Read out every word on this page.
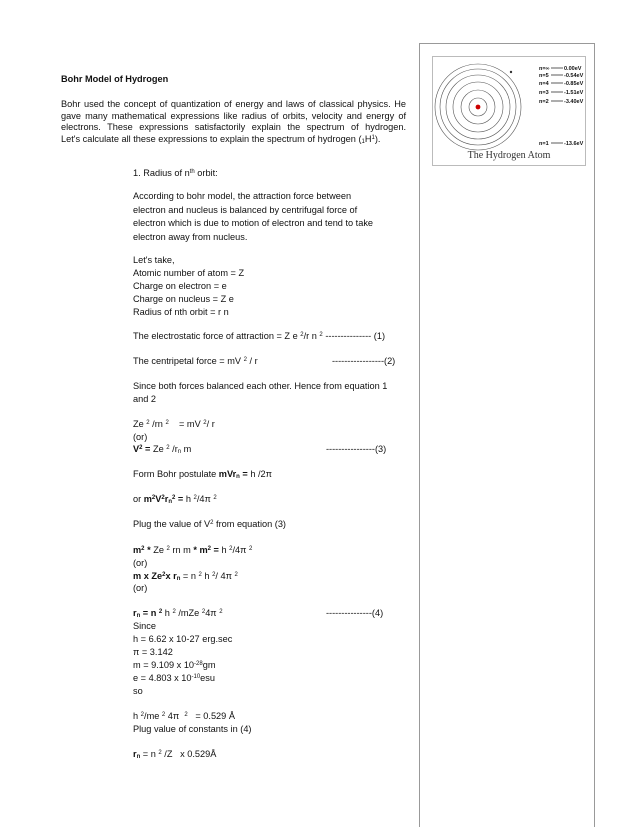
n=∞
n=5
n=4
n=3
n=2
n=1
0.00eV
-0.54eV
-0.85eV
-1.51eV
-3.40eV
-13.6eV
The Hydrogen Atom
Bohr Model of Hydrogen
Bohr used the concept of quantization of energy and laws of classical physics. He
gave many mathematical expressions like radius of orbits, velocity and energy of
electrons. These expressions satisfactorily explain the spectrum of hydrogen.
Let's calculate all these expressions to explain the spectrum of hydrogen $(_1H^1)$.
1. Radius of $n^{th}$ orbit:
According to bohr model, the attraction force between
electron and nucleus is balanced by centrifugal force of
electron which is due to motion of electron and tend to take
electron away from nucleus.
Let's take,
Atomic number of atom = Z
Charge on electron = e
Charge on nucleus = Z e
Radius of nth orbit = r n
The electrostatic force of attraction = Z e $^2$/r n $^2$ --------------- (1)
The centripetal force = mV $^2$ / r	-----------------(2)
Since both forces balanced each other. Hence from equation 1
and 2
Ze $^2$ /rn $^2$    = mV $^2$/ r
(or)
$V^2 = Ze$ $^2$ $/r_n$ m	----------------(3)
Form Bohr postulate mVr$_n$ = h /2π
or $m^2V^2r_n^2 = h$ $^2$/4π $^2$
Plug the value of $V^2$ from equation (3)
$m^2$ * Ze $^2$ rn $m * m^2 = h$ $^2$/4π $^2$
(or)
m x Ze$^2$x $r_n = n$ $^2$ h $^2$/ 4π $^2$
(or)
$r_n = n$ $^2$ h $^2$ /mZe $^2$4π $^2$	---------------(4)
Since
h = 6.62 x 10-27 erg.sec
π = 3.142
m = 9.109 x $10^{-28}gm$
e = 4.803 x $10^{-10}esu$
so
h $^2$/me $^2$ 4π  $^2$ = 0.529 Å
Plug value of constants in (4)
$r_n = n$ $^2$ /Z   x 0.529Å
